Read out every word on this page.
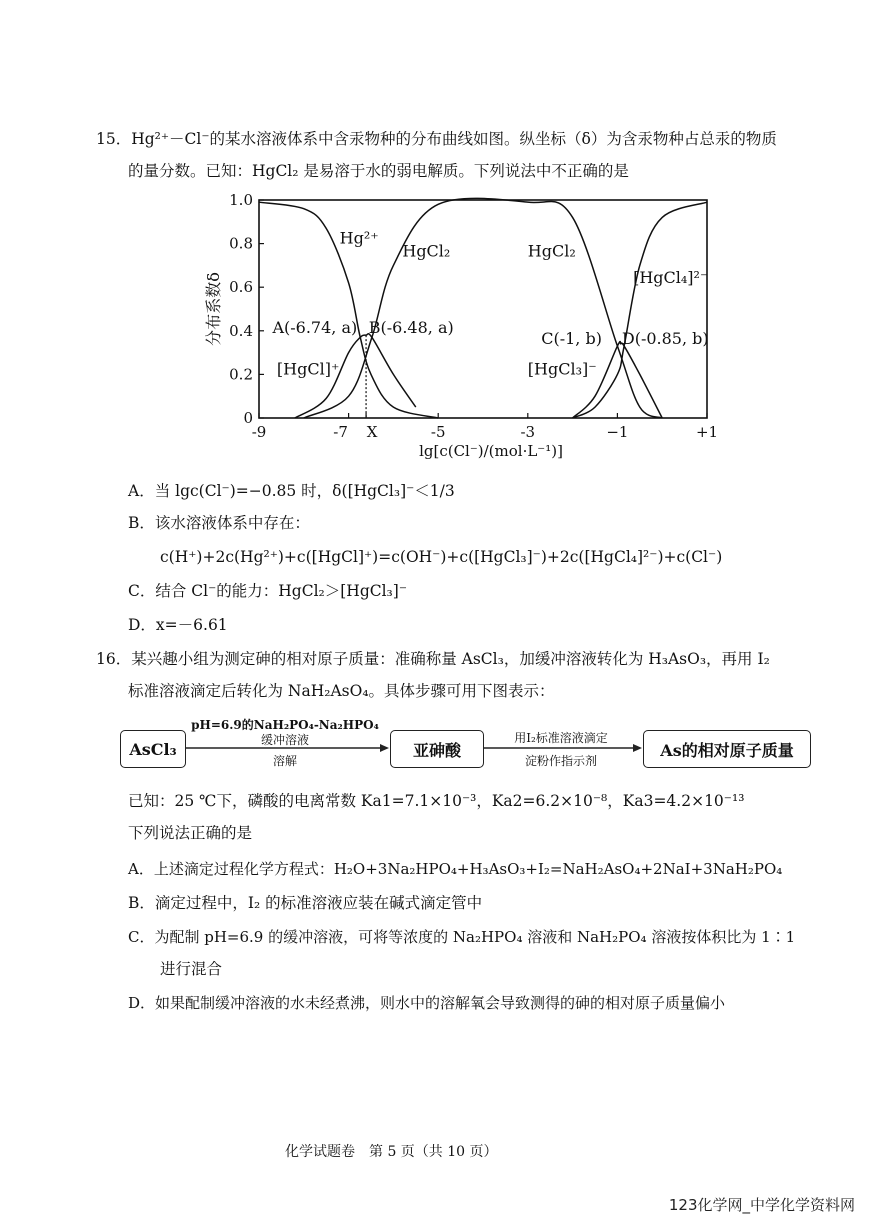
15．Hg²⁺－Cl⁻的某水溶液体系中含汞物种的分布曲线如图。纵坐标（δ）为含汞物种占总汞的物质
的量分数。已知：HgCl₂ 是易溶于水的弱电解质。下列说法中不正确的是
0
0.2
0.4
0.6
0.8
1.0
-9	-7 X	-5	-3	−1	+1
lg[c(Cl⁻)/(mol·L⁻¹)]
分布系数δ
Hg²⁺
[HgCl]⁺
HgCl₂	HgCl₂
[HgCl₃]⁻
[HgCl₄]²⁻
A(-6.74, a) B(-6.48, a)
C(-1, b) D(-0.85, b)
A．当 lgc(Cl⁻)=−0.85 时，δ([HgCl₃]⁻＜1/3
B．该水溶液体系中存在：
c(H⁺)+2c(Hg²⁺)+c([HgCl]⁺)=c(OH⁻)+c([HgCl₃]⁻)+2c([HgCl₄]²⁻)+c(Cl⁻)
C．结合 Cl⁻的能力：HgCl₂＞[HgCl₃]⁻
D．x=－6.61
16．某兴趣小组为测定砷的相对原子质量：准确称量 AsCl₃，加缓冲溶液转化为 H₃AsO₃，再用 I₂
标准溶液滴定后转化为 NaH₂AsO₄。具体步骤可用下图表示：
AsCl₃	亚砷酸	As的相对原子质量
pH=6.9的NaH₂PO₄-Na₂HPO₄
缓冲溶液
溶解
用I₂标准溶液滴定
淀粉作指示剂
已知：25 ℃下，磷酸的电离常数 Ka1=7.1×10⁻³，Ka2=6.2×10⁻⁸，Ka3=4.2×10⁻¹³
下列说法正确的是
A．上述滴定过程化学方程式：H₂O+3Na₂HPO₄+H₃AsO₃+I₂=NaH₂AsO₄+2NaI+3NaH₂PO₄
B．滴定过程中，I₂ 的标准溶液应装在碱式滴定管中
C．为配制 pH=6.9 的缓冲溶液，可将等浓度的 Na₂HPO₄ 溶液和 NaH₂PO₄ 溶液按体积比为 1∶1
进行混合
D．如果配制缓冲溶液的水未经煮沸，则水中的溶解氧会导致测得的砷的相对原子质量偏小
化学试题卷　第 5 页（共 10 页）
123化学网_中学化学资料网
